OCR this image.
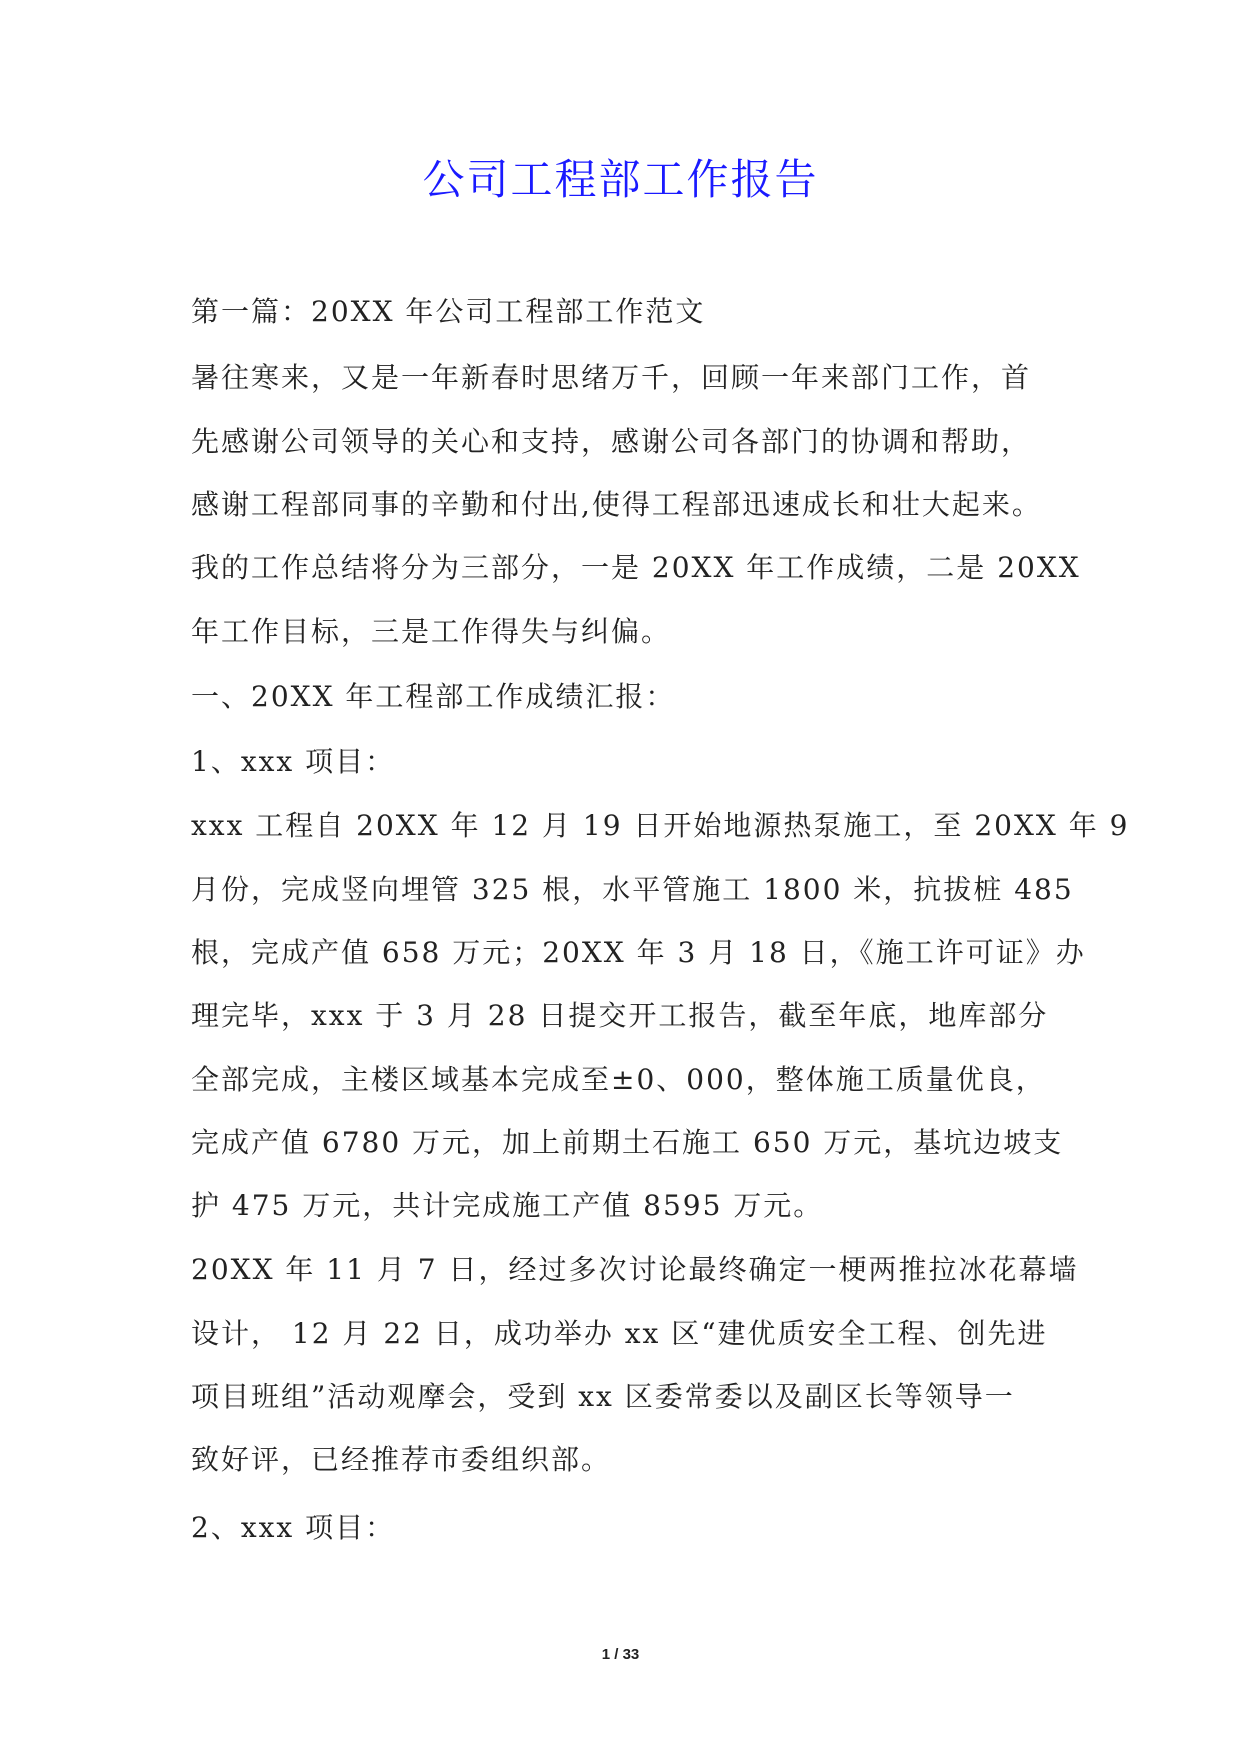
公司工程部工作报告
第一篇：20XX 年公司工程部工作范文
暑往寒来，又是一年新春时思绪万千，回顾一年来部门工作，首
先感谢公司领导的关心和支持，感谢公司各部门的协调和帮助，
感谢工程部同事的辛勤和付出,使得工程部迅速成长和壮大起来。
我的工作总结将分为三部分，一是 20XX 年工作成绩，二是 20XX
年工作目标，三是工作得失与纠偏。
一、20XX 年工程部工作成绩汇报：
1、xxx 项目：
xxx 工程自 20XX 年 12 月 19 日开始地源热泵施工，至 20XX 年 9
月份，完成竖向埋管 325 根，水平管施工 1800 米，抗拔桩 485
根，完成产值 658 万元；20XX 年 3 月 18 日，《施工许可证》办
理完毕，xxx 于 3 月 28 日提交开工报告，截至年底，地库部分
全部完成，主楼区域基本完成至±0、000，整体施工质量优良，
完成产值 6780 万元，加上前期土石施工 650 万元，基坑边坡支
护 475 万元，共计完成施工产值 8595 万元。
20XX 年 11 月 7 日，经过多次讨论最终确定一梗两推拉冰花幕墙
设计， 12 月 22 日，成功举办 xx 区“建优质安全工程、创先进
项目班组”活动观摩会，受到 xx 区委常委以及副区长等领导一
致好评，已经推荐市委组织部。
2、xxx 项目：
1 / 33
